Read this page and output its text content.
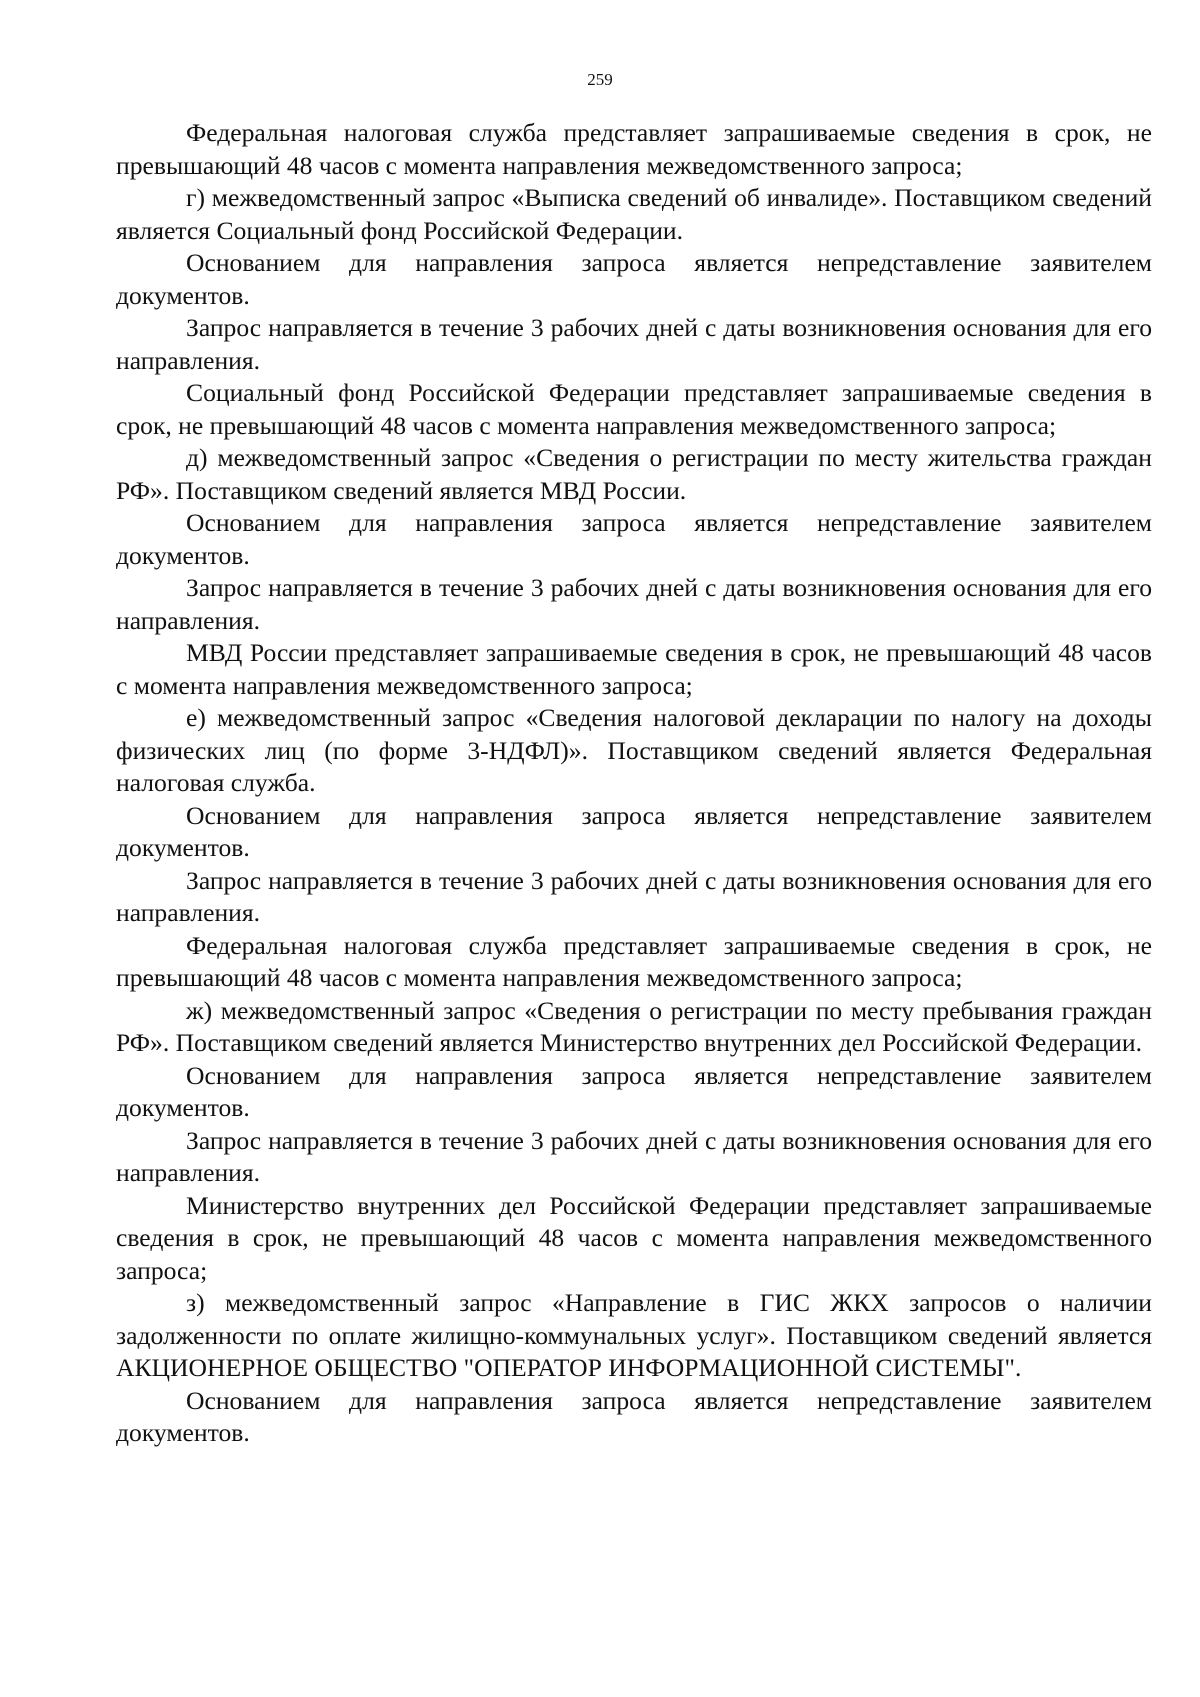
259

Федеральная налоговая служба представляет запрашиваемые сведения в срок, не превышающий 48 часов с момента направления межведомственного запроса;

г) межведомственный запрос «Выписка сведений об инвалиде». Поставщиком сведений является Социальный фонд Российской Федерации.

Основанием для направления запроса является непредставление заявителем документов.

Запрос направляется в течение 3 рабочих дней с даты возникновения основания для его направления.

Социальный фонд Российской Федерации представляет запрашиваемые сведения в срок, не превышающий 48 часов с момента направления межведомственного запроса;

д) межведомственный запрос «Сведения о регистрации по месту жительства граждан РФ». Поставщиком сведений является МВД России.

Основанием для направления запроса является непредставление заявителем документов.

Запрос направляется в течение 3 рабочих дней с даты возникновения основания для его направления.

МВД России представляет запрашиваемые сведения в срок, не превышающий 48 часов с момента направления межведомственного запроса;

е) межведомственный запрос «Сведения налоговой декларации по налогу на доходы физических лиц (по форме 3-НДФЛ)». Поставщиком сведений является Федеральная налоговая служба.

Основанием для направления запроса является непредставление заявителем документов.

Запрос направляется в течение 3 рабочих дней с даты возникновения основания для его направления.

Федеральная налоговая служба представляет запрашиваемые сведения в срок, не превышающий 48 часов с момента направления межведомственного запроса;

ж) межведомственный запрос «Сведения о регистрации по месту пребывания граждан РФ». Поставщиком сведений является Министерство внутренних дел Российской Федерации.

Основанием для направления запроса является непредставление заявителем документов.

Запрос направляется в течение 3 рабочих дней с даты возникновения основания для его направления.

Министерство внутренних дел Российской Федерации представляет запрашиваемые сведения в срок, не превышающий 48 часов с момента направления межведомственного запроса;

з) межведомственный запрос «Направление в ГИС ЖКХ запросов о наличии задолженности по оплате жилищно-коммунальных услуг». Поставщиком сведений является АКЦИОНЕРНОЕ ОБЩЕСТВО "ОПЕРАТОР ИНФОРМАЦИОННОЙ СИСТЕМЫ".

Основанием для направления запроса является непредставление заявителем документов.
